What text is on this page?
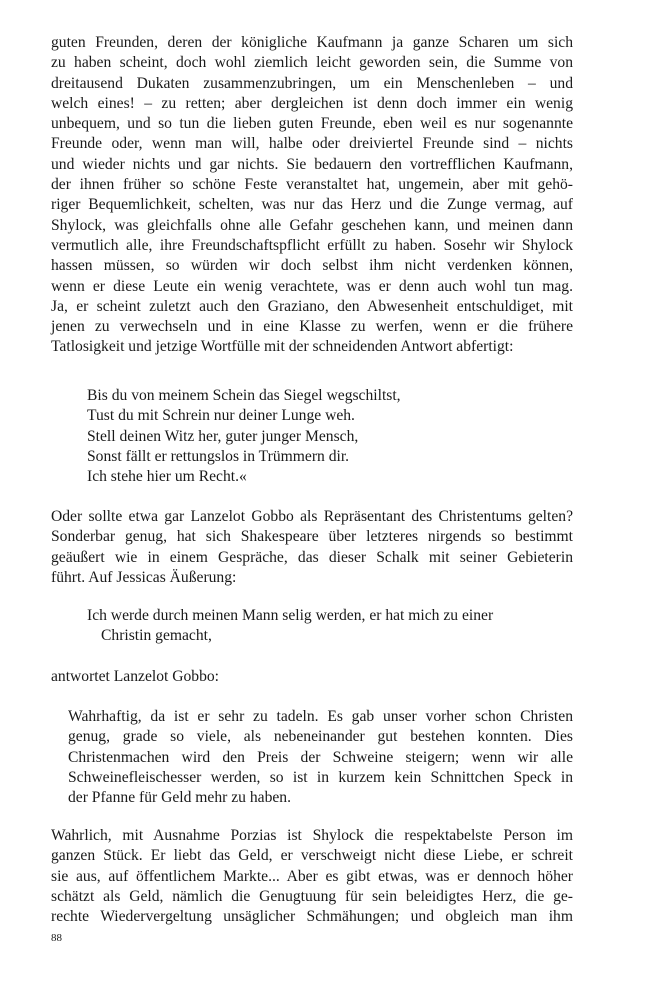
guten Freunden, deren der königliche Kaufmann ja ganze Scharen um sich
zu haben scheint, doch wohl ziemlich leicht geworden sein, die Summe von
dreitausend Dukaten zusammenzubringen, um ein Menschenleben – und
welch eines! – zu retten; aber dergleichen ist denn doch immer ein wenig
unbequem, und so tun die lieben guten Freunde, eben weil es nur sogenannte
Freunde oder, wenn man will, halbe oder dreiviertel Freunde sind – nichts
und wieder nichts und gar nichts. Sie bedauern den vortrefflichen Kaufmann,
der ihnen früher so schöne Feste veranstaltet hat, ungemein, aber mit gehö-
riger Bequemlichkeit, schelten, was nur das Herz und die Zunge vermag, auf
Shylock, was gleichfalls ohne alle Gefahr geschehen kann, und meinen dann
vermutlich alle, ihre Freundschaftspflicht erfüllt zu haben. Sosehr wir Shylock
hassen müssen, so würden wir doch selbst ihm nicht verdenken können,
wenn er diese Leute ein wenig verachtete, was er denn auch wohl tun mag.
Ja, er scheint zuletzt auch den Graziano, den Abwesenheit entschuldiget, mit
jenen zu verwechseln und in eine Klasse zu werfen, wenn er die frühere
Tatlosigkeit und jetzige Wortfülle mit der schneidenden Antwort abfertigt:
Bis du von meinem Schein das Siegel wegschiltst,
Tust du mit Schrein nur deiner Lunge weh.
Stell deinen Witz her, guter junger Mensch,
Sonst fällt er rettungslos in Trümmern dir.
Ich stehe hier um Recht.«
Oder sollte etwa gar Lanzelot Gobbo als Repräsentant des Christentums gelten?
Sonderbar genug, hat sich Shakespeare über letzteres nirgends so bestimmt
geäußert wie in einem Gespräche, das dieser Schalk mit seiner Gebieterin
führt. Auf Jessicas Äußerung:
Ich werde durch meinen Mann selig werden, er hat mich zu einer
Christin gemacht,
antwortet Lanzelot Gobbo:
Wahrhaftig, da ist er sehr zu tadeln. Es gab unser vorher schon Christen
genug, grade so viele, als nebeneinander gut bestehen konnten. Dies
Christenmachen wird den Preis der Schweine steigern; wenn wir alle
Schweinefleischesser werden, so ist in kurzem kein Schnittchen Speck in
der Pfanne für Geld mehr zu haben.
Wahrlich, mit Ausnahme Porzias ist Shylock die respektabelste Person im
ganzen Stück. Er liebt das Geld, er verschweigt nicht diese Liebe, er schreit
sie aus, auf öffentlichem Markte... Aber es gibt etwas, was er dennoch höher
schätzt als Geld, nämlich die Genugtuung für sein beleidigtes Herz, die ge-
rechte Wiedervergeltung unsäglicher Schmähungen; und obgleich man ihm
88
